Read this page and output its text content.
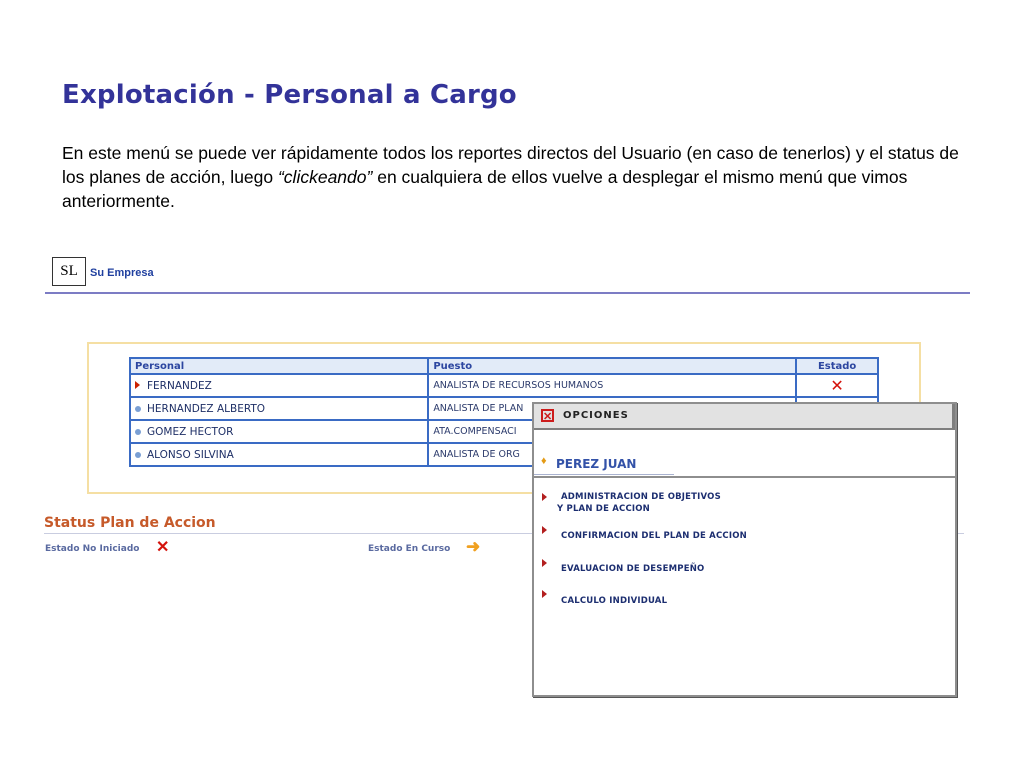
Explotación - Personal a Cargo

En este menú se puede ver rápidamente todos los reportes directos del Usuario (en caso de tenerlos) y el status de los planes de acción, luego “clickeando” en cualquiera de ellos vuelve a desplegar el mismo menú que vimos anteriormente.

SL Su Empresa
Personal	Puesto	Estado
FERNANDEZ	ANALISTA DE RECURSOS HUMANOS	✕

HERNANDEZ ALBERTO	ANALISTA DE PLAN	
GOMEZ HECTOR	ATA.COMPENSACI	
ALONSO SILVINA	ANALISTA DE ORG	
Status Plan de Accion
Estado No Iniciado ✕	Estado En Curso ➜
✕ OPCIONES
♦ PEREZ JUAN
ADMINISTRACION DE OBJETIVOS
Y PLAN DE ACCION
CONFIRMACION DEL PLAN DE ACCION
EVALUACION DE DESEMPEÑO
CALCULO INDIVIDUAL
